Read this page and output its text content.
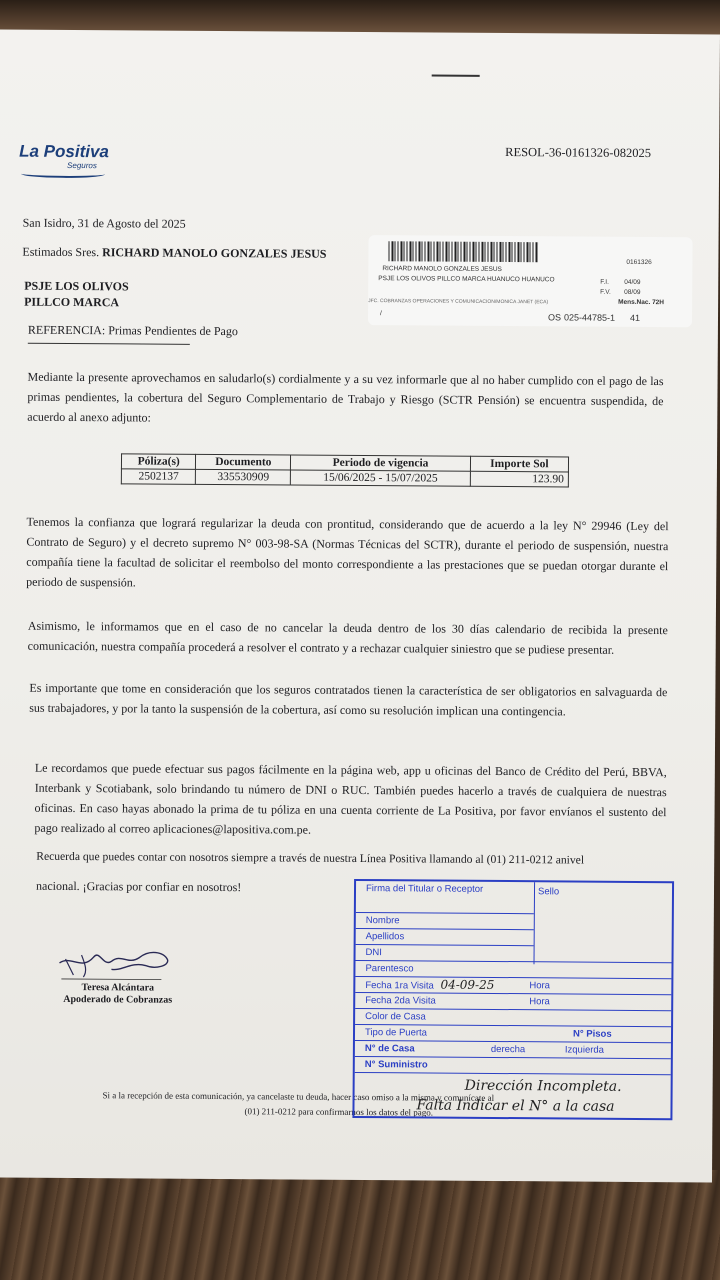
La Positiva
Seguros
RESOL-36-0161326-082025
San Isidro, 31 de Agosto del 2025
Estimados Sres. RICHARD MANOLO GONZALES JESUS
PSJE LOS OLIVOS
PILLCO MARCA
REFERENCIA: Primas Pendientes de Pago
0161326
RICHARD MANOLO GONZALES JESUS
PSJE LOS OLIVOS PILLCO MARCA HUANUCO HUANUCO	F.I. 04/09
F.V. 08/09
Mens.Nac. 72H
JFC. COBRANZAS OPERACIONES Y COMUNICACION/MONICA JANET (ECA)
/	OS 025-44785-1 41
Mediante la presente aprovechamos en saludarlo(s) cordialmente y a su vez informarle que al no haber cumplido con el pago de las primas pendientes, la cobertura del Seguro Complementario de Trabajo y Riesgo (SCTR Pensión) se encuentra suspendida, de acuerdo al anexo adjunto:
Póliza(s)	Documento	Periodo de vigencia	Importe Sol
2502137	335530909	15/06/2025 - 15/07/2025	123.90
Tenemos la confianza que logrará regularizar la deuda con prontitud, considerando que de acuerdo a la ley N° 29946 (Ley del Contrato de Seguro) y el decreto supremo N° 003-98-SA (Normas Técnicas del SCTR), durante el periodo de suspensión, nuestra compañía tiene la facultad de solicitar el reembolso del monto correspondiente a las prestaciones que se puedan otorgar durante el periodo de suspensión.
Asimismo, le informamos que en el caso de no cancelar la deuda dentro de los 30 días calendario de recibida la presente comunicación, nuestra compañía procederá a resolver el contrato y a rechazar cualquier siniestro que se pudiese presentar.
Es importante que tome en consideración que los seguros contratados tienen la característica de ser obligatorios en salvaguarda de sus trabajadores, y por la tanto la suspensión de la cobertura, así como su resolución implican una contingencia.
Le recordamos que puede efectuar sus pagos fácilmente en la página web, app u oficinas del Banco de Crédito del Perú, BBVA, Interbank y Scotiabank, solo brindando tu número de DNI o RUC. También puedes hacerlo a través de cualquiera de nuestras oficinas. En caso hayas abonado la prima de tu póliza en una cuenta corriente de La Positiva, por favor envíanos el sustento del pago realizado al correo aplicaciones@lapositiva.com.pe.
Recuerda que puedes contar con nosotros siempre a través de nuestra Línea Positiva llamando al (01) 211-0212 anivel
nacional. ¡Gracias por confiar en nosotros!
Teresa Alcántara
Apoderado de Cobranzas
Si a la recepción de esta comunicación, ya cancelaste tu deuda, hacer caso omiso a la misma y comunícate al
(01) 211-0212 para confirmarnos los datos del pago.
Firma del Titular o Receptor	Sello
Nombre
Apellidos
DNI
Parentesco
Fecha 1ra Visita 04-09-25	Hora
Fecha 2da Visita	Hora
Color de Casa
Tipo de Puerta	N° Pisos
N° de Casa	derecha	Izquierda
N° Suministro
Dirección Incompleta.
Falta Indicar el N° a la casa
